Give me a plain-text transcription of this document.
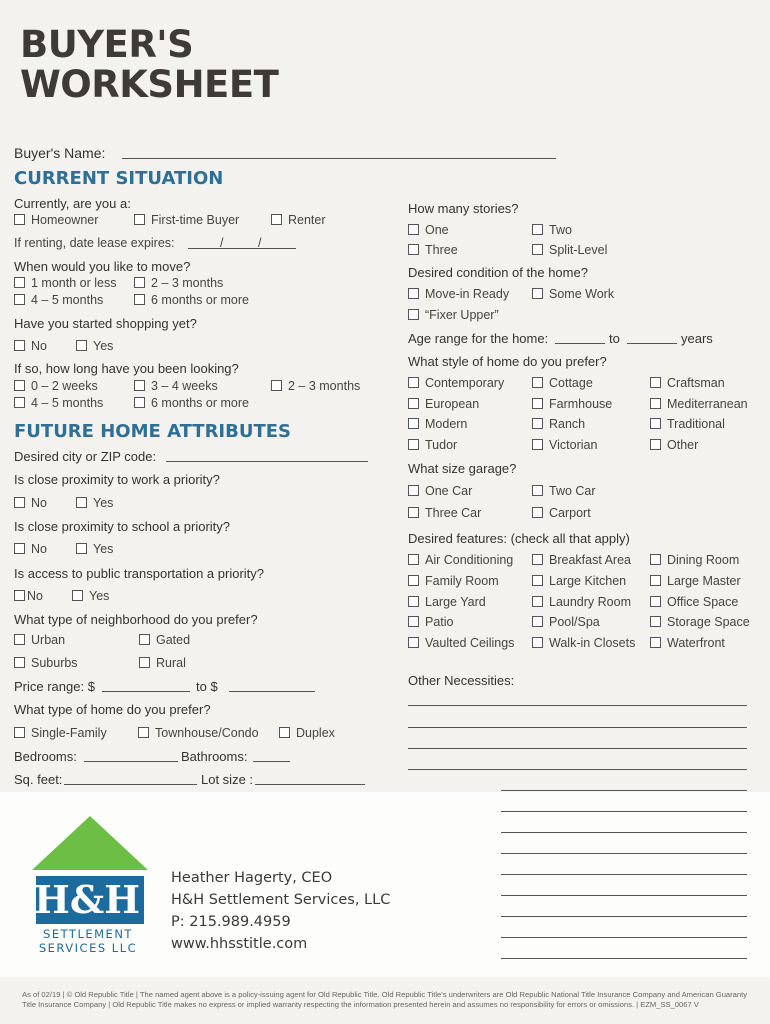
BUYER'S
WORKSHEET
Buyer's Name:
CURRENT SITUATION
Currently, are you a:
Homeowner	First-time Buyer	Renter
If renting, date lease expires:	/	/
When would you like to move?
1 month or less	2 – 3 months
4 – 5 months	6 months or more
Have you started shopping yet?
No	Yes
If so, how long have you been looking?
0 – 2 weeks	3 – 4 weeks	2 – 3 months
4 – 5 months	6 months or more
FUTURE HOME ATTRIBUTES
Desired city or ZIP code:
Is close proximity to work a priority?
No	Yes
Is close proximity to school a priority?
No	Yes
Is access to public transportation a priority?
No	Yes
What type of neighborhood do you prefer?
Urban	Gated
Suburbs	Rural
Price range: $	to $
What type of home do you prefer?
Single-Family	Townhouse/Condo	Duplex
Bedrooms:	Bathrooms:
Sq. feet:	Lot size :
How many stories?
One	Two
Three	Split-Level
Desired condition of the home?
Move-in Ready	Some Work
“Fixer Upper”
Age range for the home:	to	years
What style of home do you prefer?
Contemporary	Cottage	Craftsman
European	Farmhouse	Mediterranean
Modern	Ranch	Traditional
Tudor	Victorian	Other
What size garage?
One Car	Two Car
Three Car	Carport
Desired features: (check all that apply)
Air Conditioning	Breakfast Area	Dining Room
Family Room	Large Kitchen	Large Master
Large Yard	Laundry Room	Office Space
Patio	Pool/Spa	Storage Space
Vaulted Ceilings	Walk-in Closets	Waterfront
Other Necessities:
H&H
SETTLEMENT
SERVICES LLC
Heather Hagerty, CEO
H&H Settlement Services, LLC
P: 215.989.4959
www.hhsstitle.com
As of 02/19 | © Old Republic Title | The named agent above is a policy-issuing agent for Old Republic Title. Old Republic Title's underwriters are Old Republic National Title Insurance Company and American Guaranty Title Insurance Company | Old Republic Title makes no express or implied warranty respecting the information presented herein and assumes no responsibility for errors or omissions. | EZM_SS_0067 V
